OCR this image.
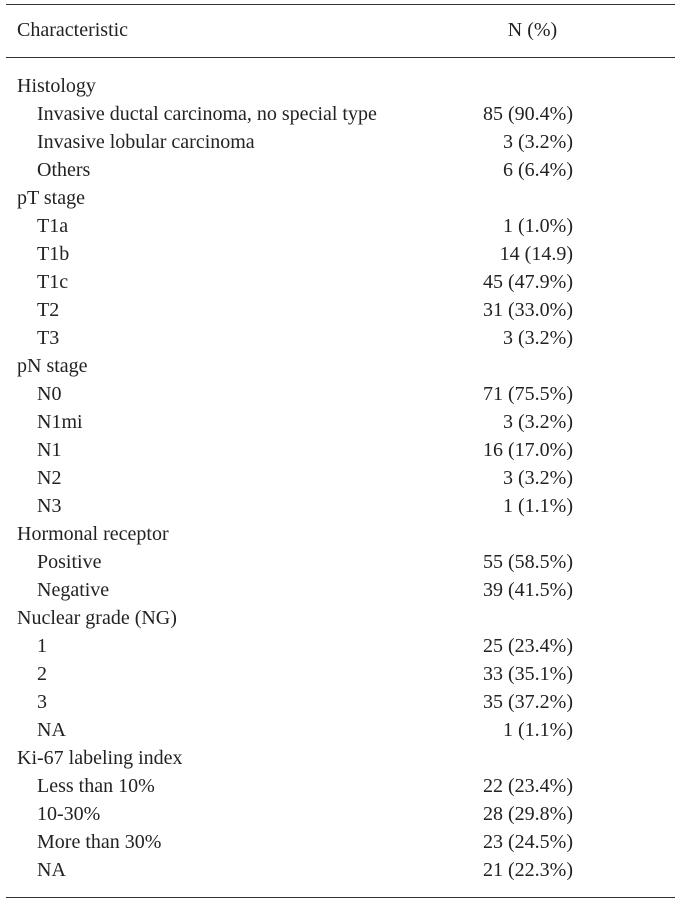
Characteristic	N (%)
Histology
Invasive ductal carcinoma, no special type	85 (90.4%)
Invasive lobular carcinoma	3 (3.2%)
Others	6 (6.4%)
pT stage
T1a	1 (1.0%)
T1b	14 (14.9)
T1c	45 (47.9%)
T2	31 (33.0%)
T3	3 (3.2%)
pN stage
N0	71 (75.5%)
N1mi	3 (3.2%)
N1	16 (17.0%)
N2	3 (3.2%)
N3	1 (1.1%)
Hormonal receptor
Positive	55 (58.5%)
Negative	39 (41.5%)
Nuclear grade (NG)
1	25 (23.4%)
2	33 (35.1%)
3	35 (37.2%)
NA	1 (1.1%)
Ki-67 labeling index
Less than 10%	22 (23.4%)
10-30%	28 (29.8%)
More than 30%	23 (24.5%)
NA	21 (22.3%)
